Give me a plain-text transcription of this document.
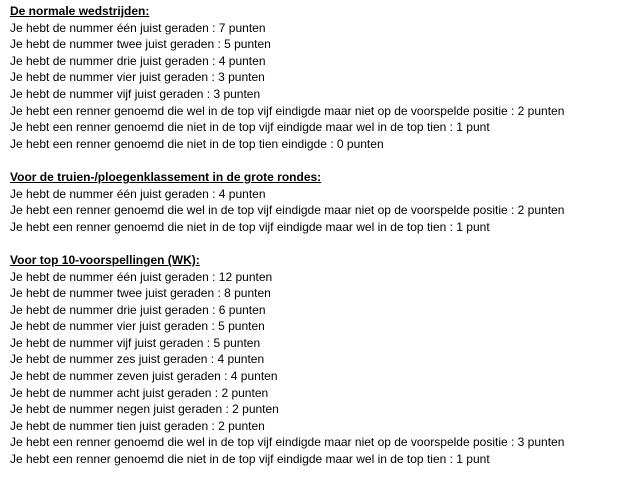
De normale wedstrijden:
Je hebt de nummer één juist geraden : 7 punten
Je hebt de nummer twee juist geraden : 5 punten
Je hebt de nummer drie juist geraden : 4 punten
Je hebt de nummer vier juist geraden : 3 punten
Je hebt de nummer vijf juist geraden : 3 punten
Je hebt een renner genoemd die wel in de top vijf eindigde maar niet op de voorspelde positie : 2 punten
Je hebt een renner genoemd die niet in de top vijf eindigde maar wel in de top tien : 1 punt
Je hebt een renner genoemd die niet in de top tien eindigde : 0 punten
Voor de truien-/ploegenklassement in de grote rondes:
Je hebt de nummer één juist geraden : 4 punten
Je hebt een renner genoemd die wel in de top vijf eindigde maar niet op de voorspelde positie : 2 punten
Je hebt een renner genoemd die niet in de top vijf eindigde maar wel in de top tien : 1 punt
Voor top 10-voorspellingen (WK):
Je hebt de nummer één juist geraden : 12 punten
Je hebt de nummer twee juist geraden : 8 punten
Je hebt de nummer drie juist geraden : 6 punten
Je hebt de nummer vier juist geraden : 5 punten
Je hebt de nummer vijf juist geraden : 5 punten
Je hebt de nummer zes juist geraden : 4 punten
Je hebt de nummer zeven juist geraden : 4 punten
Je hebt de nummer acht juist geraden : 2 punten
Je hebt de nummer negen juist geraden : 2 punten
Je hebt de nummer tien juist geraden : 2 punten
Je hebt een renner genoemd die wel in de top vijf eindigde maar niet op de voorspelde positie : 3 punten
Je hebt een renner genoemd die niet in de top vijf eindigde maar wel in de top tien : 1 punt
